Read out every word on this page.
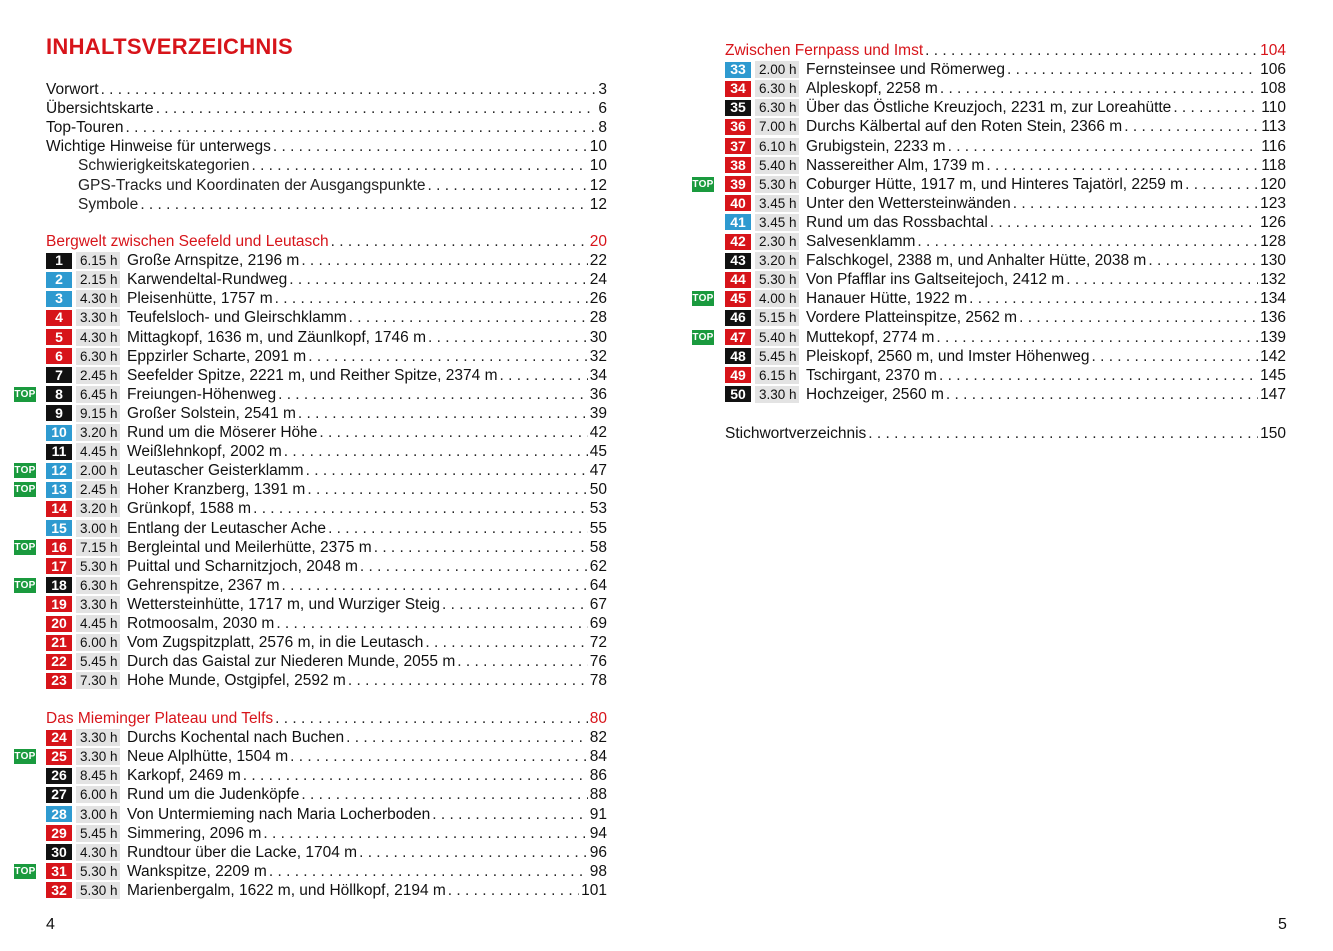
INHALTSVERZEICHNIS
Vorwort . . .	3
Übersichtskarte . . .	6
Top-Touren . . .	8
Wichtige Hinweise für unterwegs . . .	10
Schwierigkeitskategorien . . .	10
GPS-Tracks und Koordinaten der Ausgangspunkte . . .	12
Symbole . . .	12
Bergwelt zwischen Seefeld und Leutasch . . .	20
1	6.15 h Große Arnspitze, 2196 m . . .	22
2	2.15 h Karwendeltal-Rundweg . . .	24
3	4.30 h Pleisenhütte, 1757 m . . .	26
4	3.30 h Teufelsloch- und Gleirschklamm . . .	28
5	4.30 h Mittagkopf, 1636 m, und Zäunlkopf, 1746 m . . .	30
6	6.30 h Eppzirler Scharte, 2091 m . . .	32
7	2.45 h Seefelder Spitze, 2221 m, und Reither Spitze, 2374 m . . .	34
TOP	8	6.45 h Freiungen-Höhenweg . . .	36
9	9.15 h Großer Solstein, 2541 m . . .	39
10 3.20 h Rund um die Möserer Höhe . . .	42
11	4.45 h Weißlehnkopf, 2002 m . . .	45
TOP	12 2.00 h Leutascher Geisterklamm . . .	47
TOP	13 2.45 h Hoher Kranzberg, 1391 m . . .	50
14 3.20 h Grünkopf, 1588 m . . .	53
15 3.00 h Entlang der Leutascher Ache . . .	55
TOP	16 7.15 h Bergleintal und Meilerhütte, 2375 m . . .	58
17 5.30 h Puittal und Scharnitzjoch, 2048 m . . .	62
TOP	18 6.30 h Gehrenspitze, 2367 m . . .	64
19 3.30 h Wettersteinhütte, 1717 m, und Wurziger Steig . . .	67
20 4.45 h Rotmoosalm, 2030 m . . .	69
21 6.00 h Vom Zugspitzplatt, 2576 m, in die Leutasch . . .	72
22 5.45 h Durch das Gaistal zur Niederen Munde, 2055 m . . .	76
23 7.30 h Hohe Munde, Ostgipfel, 2592 m . . .	78
Das Mieminger Plateau und Telfs . . .	80
24 3.30 h Durchs Kochental nach Buchen . . .	82
TOP	25 3.30 h Neue Alplhütte, 1504 m . . .	84
26 8.45 h Karkopf, 2469 m . . .	86
27 6.00 h Rund um die Judenköpfe . . .	88
28 3.00 h Von Untermieming nach Maria Locherboden . . .	91
29 5.45 h Simmering, 2096 m . . .	94
30 4.30 h Rundtour über die Lacke, 1704 m . . .	96
TOP	31 5.30 h Wankspitze, 2209 m . . .	98
32 5.30 h Marienbergalm, 1622 m, und Höllkopf, 2194 m . . .	101
4
Zwischen Fernpass und Imst . . .	104
33 2.00 h Fernsteinsee und Römerweg . . .	106
34 6.30 h Alpleskopf, 2258 m . . .	108
35 6.30 h Über das Östliche Kreuzjoch, 2231 m, zur Loreahütte . . .	110
36 7.00 h Durchs Kälbertal auf den Roten Stein, 2366 m . . .	113
37 6.10 h Grubigstein, 2233 m . . .	116
38 5.40 h Nassereither Alm, 1739 m . . .	118
TOP	39 5.30 h Coburger Hütte, 1917 m, und Hinteres Tajatörl, 2259 m . . .	120
40 3.45 h Unter den Wettersteinwänden . . .	123
41 3.45 h Rund um das Rossbachtal . . .	126
42 2.30 h Salvesenklamm . . .	128
43 3.20 h Falschkogel, 2388 m, und Anhalter Hütte, 2038 m . . .	130
44 5.30 h Von Pfafflar ins Galtseitejoch, 2412 m . . .	132
TOP	45 4.00 h Hanauer Hütte, 1922 m . . .	134
46 5.15 h Vordere Platteinspitze, 2562 m . . .	136
TOP	47 5.40 h Muttekopf, 2774 m . . .	139
48 5.45 h Pleiskopf, 2560 m, und Imster Höhenweg . . .	142
49 6.15 h Tschirgant, 2370 m . . .	145
50 3.30 h Hochzeiger, 2560 m . . .	147
Stichwortverzeichnis . . .	150
5
